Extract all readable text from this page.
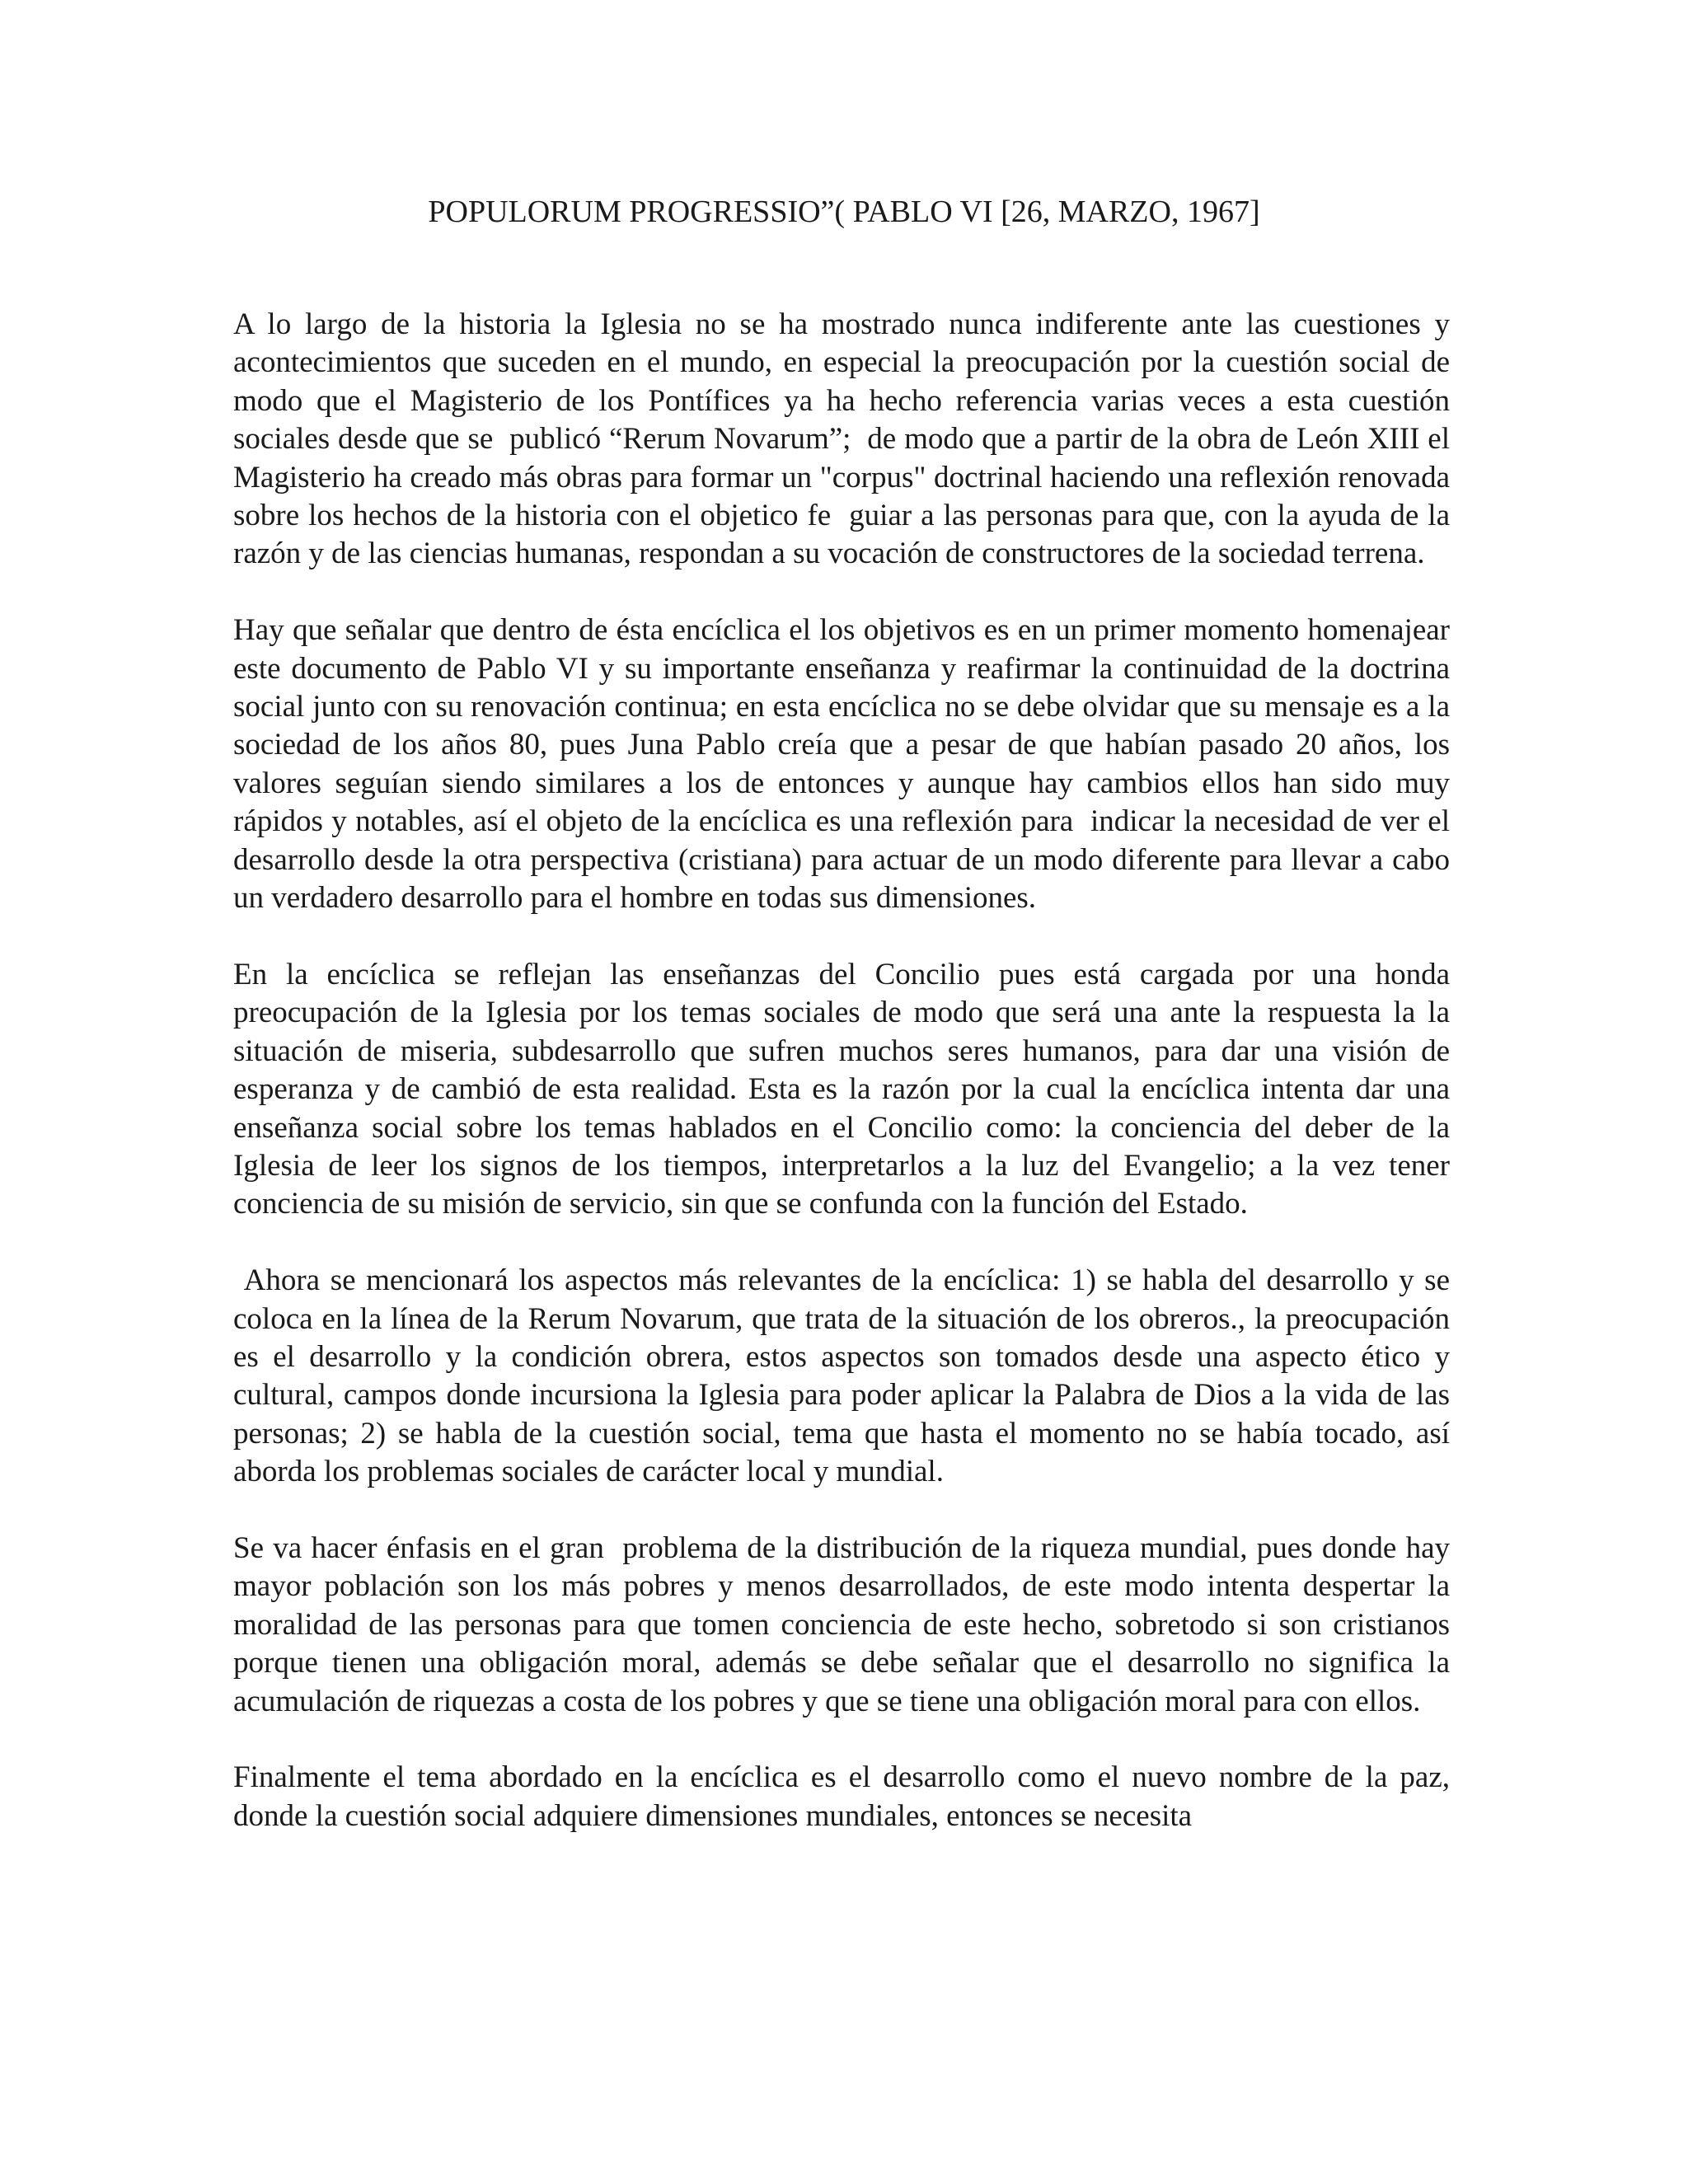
POPULORUM PROGRESSIO”( PABLO VI [26, MARZO, 1967]

A lo largo de la historia la Iglesia no se ha mostrado nunca indiferente ante las cuestiones y acontecimientos que suceden en el mundo, en especial la preocupación por la cuestión social de modo que el Magisterio de los Pontífices ya ha hecho referencia varias veces a esta cuestión sociales desde que se  publicó “Rerum Novarum”;  de modo que a partir de la obra de León XIII el Magisterio ha creado más obras para formar un "corpus" doctrinal haciendo una reflexión renovada sobre los hechos de la historia con el objetico fe  guiar a las personas para que, con la ayuda de la razón y de las ciencias humanas, respondan a su vocación de constructores de la sociedad terrena.

Hay que señalar que dentro de ésta encíclica el los objetivos es en un primer momento homenajear este documento de Pablo VI y su importante enseñanza y reafirmar la continuidad de la doctrina social junto con su renovación continua; en esta encíclica no se debe olvidar que su mensaje es a la sociedad de los años 80, pues Juna Pablo creía que a pesar de que habían pasado 20 años, los valores seguían siendo similares a los de entonces y aunque hay cambios ellos han sido muy rápidos y notables, así el objeto de la encíclica es una reflexión para  indicar la necesidad de ver el desarrollo desde la otra perspectiva (cristiana) para actuar de un modo diferente para llevar a cabo un verdadero desarrollo para el hombre en todas sus dimensiones.

En la encíclica se reflejan las enseñanzas del Concilio pues está cargada por una honda preocupación de la Iglesia por los temas sociales de modo que será una ante la respuesta la la situación de miseria, subdesarrollo que sufren muchos seres humanos, para dar una visión de esperanza y de cambió de esta realidad. Esta es la razón por la cual la encíclica intenta dar una enseñanza social sobre los temas hablados en el Concilio como: la conciencia del deber de la Iglesia de leer los signos de los tiempos, interpretarlos a la luz del Evangelio; a la vez tener conciencia de su misión de servicio, sin que se confunda con la función del Estado.

Ahora se mencionará los aspectos más relevantes de la encíclica: 1) se habla del desarrollo y se coloca en la línea de la Rerum Novarum, que trata de la situación de los obreros., la preocupación es el desarrollo y la condición obrera, estos aspectos son tomados desde una aspecto ético y cultural, campos donde incursiona la Iglesia para poder aplicar la Palabra de Dios a la vida de las personas; 2) se habla de la cuestión social, tema que hasta el momento no se había tocado, así aborda los problemas sociales de carácter local y mundial.

Se va hacer énfasis en el gran  problema de la distribución de la riqueza mundial, pues donde hay mayor población son los más pobres y menos desarrollados, de este modo intenta despertar la moralidad de las personas para que tomen conciencia de este hecho, sobretodo si son cristianos porque tienen una obligación moral, además se debe señalar que el desarrollo no significa la acumulación de riquezas a costa de los pobres y que se tiene una obligación moral para con ellos.

Finalmente el tema abordado en la encíclica es el desarrollo como el nuevo nombre de la paz, donde la cuestión social adquiere dimensiones mundiales, entonces se necesita
